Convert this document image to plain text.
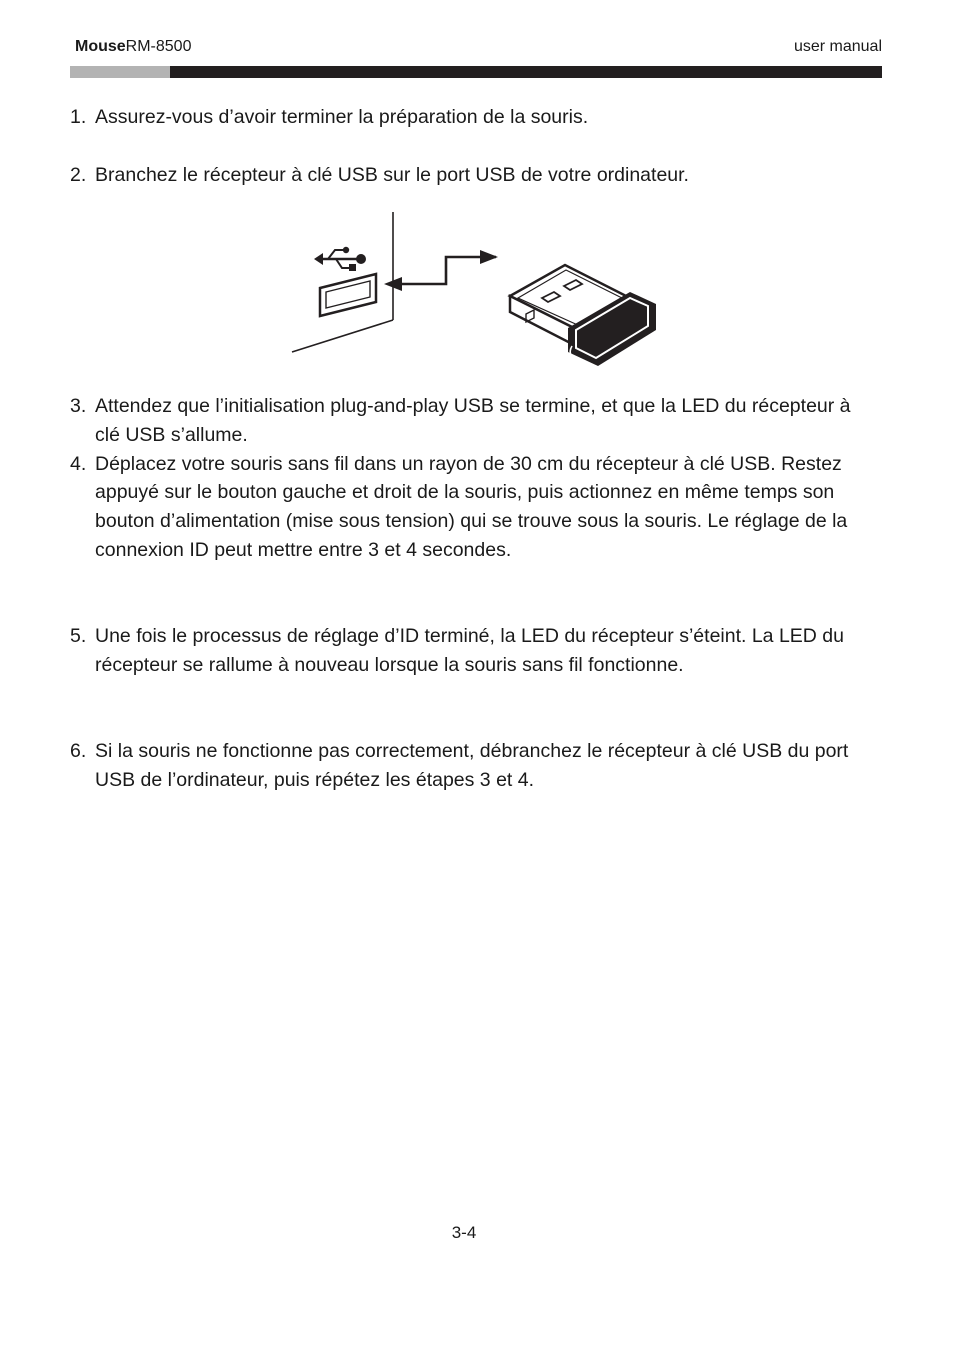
MouseRM-8500	user manual
1. Assurez-vous d’avoir terminer la préparation de la souris.
2. Branchez le récepteur à clé USB sur le port USB de votre ordinateur.
3. Attendez que l’initialisation plug-and-play USB se termine, et que la LED du récepteur à clé USB s’allume.
4. Déplacez votre souris sans fil dans un rayon de 30 cm du récepteur à clé USB. Restez appuyé sur le bouton gauche et droit de la souris, puis actionnez en même temps son bouton d’alimentation (mise sous tension) qui se trouve sous la souris. Le réglage de la connexion ID peut mettre entre 3 et 4 secondes.
5. Une fois le processus de réglage d’ID terminé, la LED du récepteur s’éteint. La LED du récepteur se rallume à nouveau lorsque la souris sans fil fonctionne.
6. Si la souris ne fonctionne pas correctement, débranchez le récepteur à clé USB du port USB de l’ordinateur, puis répétez les étapes 3 et 4.
3-4
